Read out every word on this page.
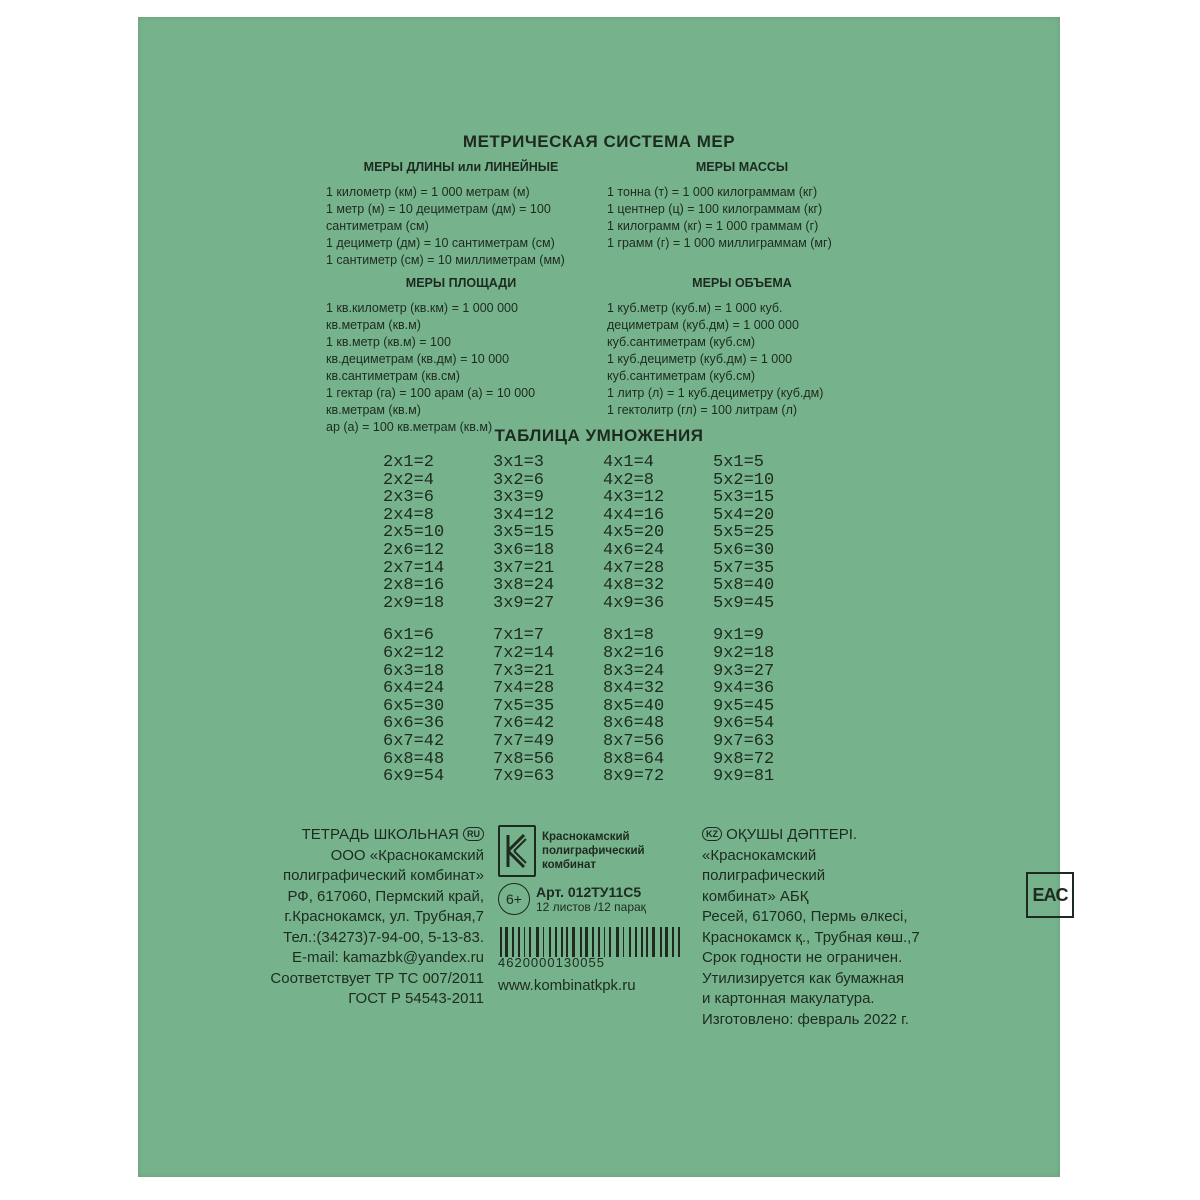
МЕТРИЧЕСКАЯ СИСТЕМА МЕР
МЕРЫ ДЛИНЫ или ЛИНЕЙНЫЕ
1 километр (км) = 1 000 метрам (м)
1 метр (м) = 10 дециметрам (дм) = 100
сантиметрам (см)
1 дециметр (дм) = 10 сантиметрам (см)
1 сантиметр (см) = 10 миллиметрам (мм)
МЕРЫ ПЛОЩАДИ
1 кв.километр (кв.км) = 1 000 000
кв.метрам (кв.м)
1 кв.метр (кв.м) = 100
кв.дециметрам (кв.дм) = 10 000
кв.сантиметрам (кв.см)
1 гектар (га) = 100 арам (а) = 10 000
кв.метрам (кв.м)
ар (а) = 100 кв.метрам (кв.м)
МЕРЫ МАССЫ
1 тонна (т) = 1 000 килограммам (кг)
1 центнер (ц) = 100 килограммам (кг)
1 килограмм (кг) = 1 000 граммам (г)
1 грамм (г) = 1 000 миллиграммам (мг)
МЕРЫ ОБЪЕМА
1 куб.метр (куб.м) = 1 000 куб.
дециметрам (куб.дм) = 1 000 000
куб.сантиметрам (куб.см)
1 куб.дециметр (куб.дм) = 1 000
куб.сантиметрам (куб.см)
1 литр (л) = 1 куб.дециметру (куб.дм)
1 гектолитр (гл) = 100 литрам (л)
ТАБЛИЦА УМНОЖЕНИЯ
2x1=2
2x2=4
2x3=6
2x4=8
2x5=10
2x6=12
2x7=14
2x8=16
2x9=18
3x1=3
3x2=6
3x3=9
3x4=12
3x5=15
3x6=18
3x7=21
3x8=24
3x9=27
4x1=4
4x2=8
4x3=12
4x4=16
4x5=20
4x6=24
4x7=28
4x8=32
4x9=36
5x1=5
5x2=10
5x3=15
5x4=20
5x5=25
5x6=30
5x7=35
5x8=40
5x9=45
6x1=6
6x2=12
6x3=18
6x4=24
6x5=30
6x6=36
6x7=42
6x8=48
6x9=54
7x1=7
7x2=14
7x3=21
7x4=28
7x5=35
7x6=42
7x7=49
7x8=56
7x9=63
8x1=8
8x2=16
8x3=24
8x4=32
8x5=40
8x6=48
8x7=56
8x8=64
8x9=72
9x1=9
9x2=18
9x3=27
9x4=36
9x5=45
9x6=54
9x7=63
9x8=72
9x9=81
ТЕТРАДЬ ШКОЛЬНАЯ RU
ООО «Краснокамский
полиграфический комбинат»
РФ, 617060, Пермский край,
г.Краснокамск, ул. Трубная,7
Тел.:(34273)7-94-00, 5-13-83.
E-mail: kamazbk@yandex.ru
Соответствует ТР ТС 007/2011
ГОСТ Р 54543-2011
Краснокамский
полиграфический
комбинат
6+	Арт. 012ТУ11С5
12 листов /12 парақ
4620000130055
www.kombinatkpk.ru
KZ ОҚУШЫ ДӘПТЕРІ.
«Краснокамский
полиграфический
комбинат» АБҚ
Ресей, 617060, Пермь өлкесі,
Краснокамск қ., Трубная көш.,7
Срок годности не ограничен.
Утилизируется как бумажная
и картонная макулатура.
Изготовлено: февраль 2022 г.
EAC
